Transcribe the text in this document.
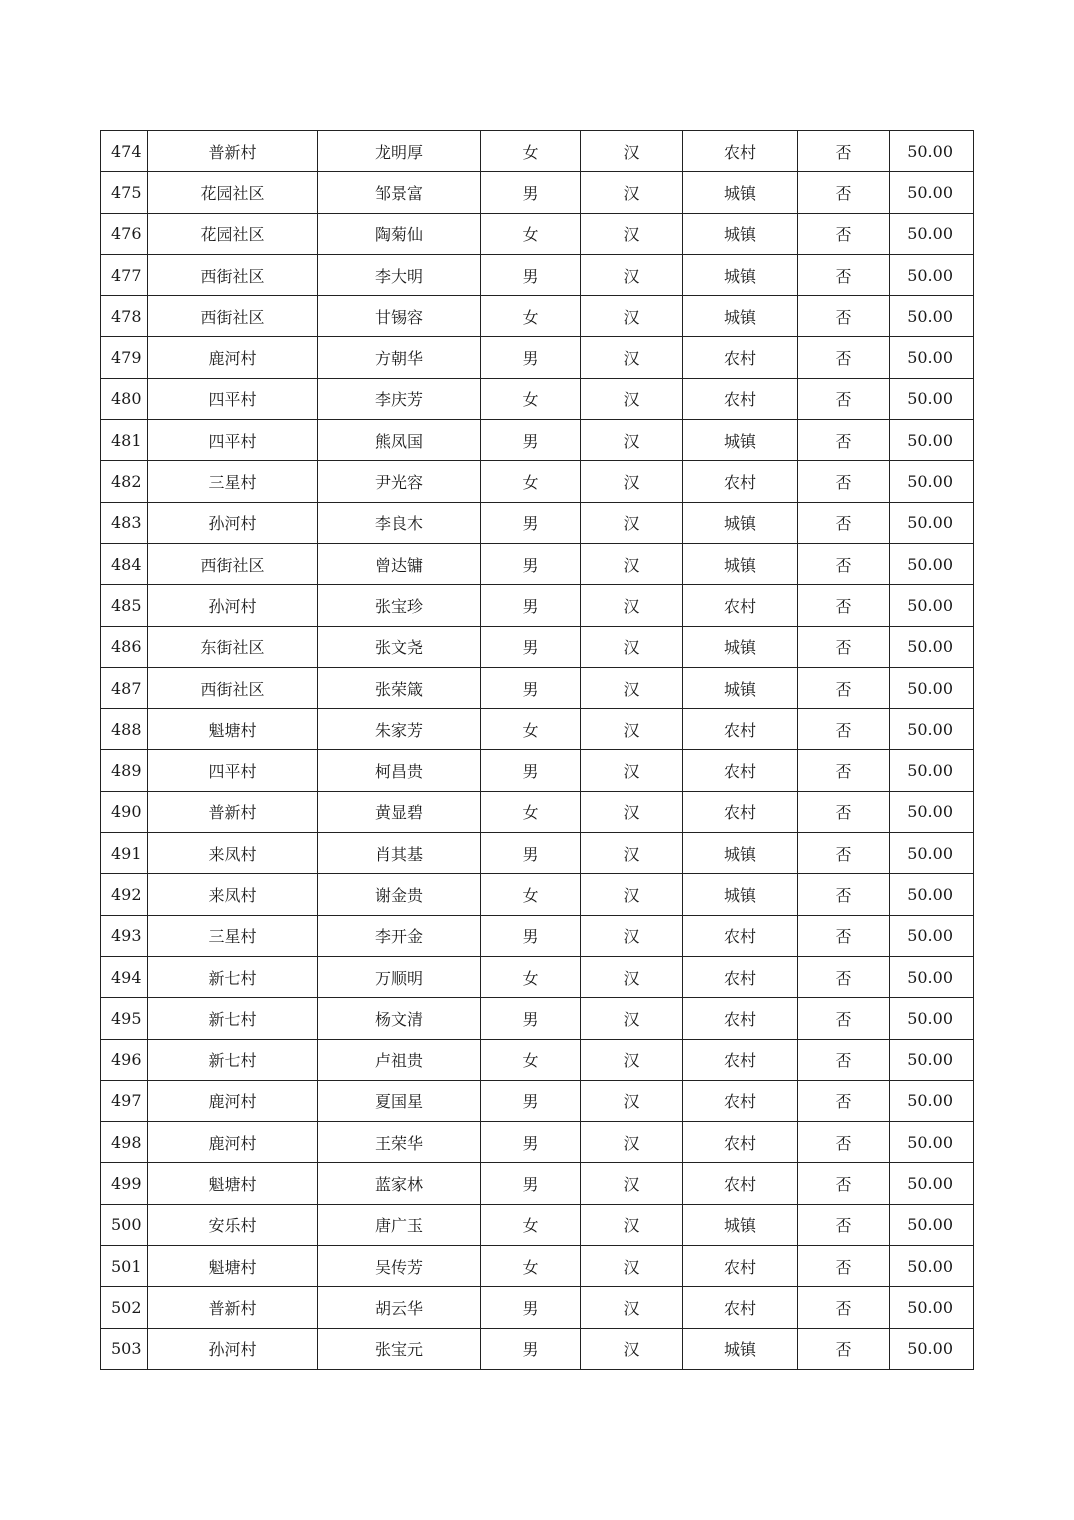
474	普新村	龙明厚	女	汉	农村	否	50.00
475	花园社区	邹景富	男	汉	城镇	否	50.00
476	花园社区	陶菊仙	女	汉	城镇	否	50.00
477	西街社区	李大明	男	汉	城镇	否	50.00
478	西街社区	甘锡容	女	汉	城镇	否	50.00
479	鹿河村	方朝华	男	汉	农村	否	50.00
480	四平村	李庆芳	女	汉	农村	否	50.00
481	四平村	熊凤国	男	汉	城镇	否	50.00
482	三星村	尹光容	女	汉	农村	否	50.00
483	孙河村	李良木	男	汉	城镇	否	50.00
484	西街社区	曾达镛	男	汉	城镇	否	50.00
485	孙河村	张宝珍	男	汉	农村	否	50.00
486	东街社区	张文尧	男	汉	城镇	否	50.00
487	西街社区	张荣箴	男	汉	城镇	否	50.00
488	魁塘村	朱家芳	女	汉	农村	否	50.00
489	四平村	柯昌贵	男	汉	农村	否	50.00
490	普新村	黄显碧	女	汉	农村	否	50.00
491	来凤村	肖其基	男	汉	城镇	否	50.00
492	来凤村	谢金贵	女	汉	城镇	否	50.00
493	三星村	李开金	男	汉	农村	否	50.00
494	新七村	万顺明	女	汉	农村	否	50.00
495	新七村	杨文清	男	汉	农村	否	50.00
496	新七村	卢祖贵	女	汉	农村	否	50.00
497	鹿河村	夏国星	男	汉	农村	否	50.00
498	鹿河村	王荣华	男	汉	农村	否	50.00
499	魁塘村	蓝家林	男	汉	农村	否	50.00
500	安乐村	唐广玉	女	汉	城镇	否	50.00
501	魁塘村	吴传芳	女	汉	农村	否	50.00
502	普新村	胡云华	男	汉	农村	否	50.00
503	孙河村	张宝元	男	汉	城镇	否	50.00
